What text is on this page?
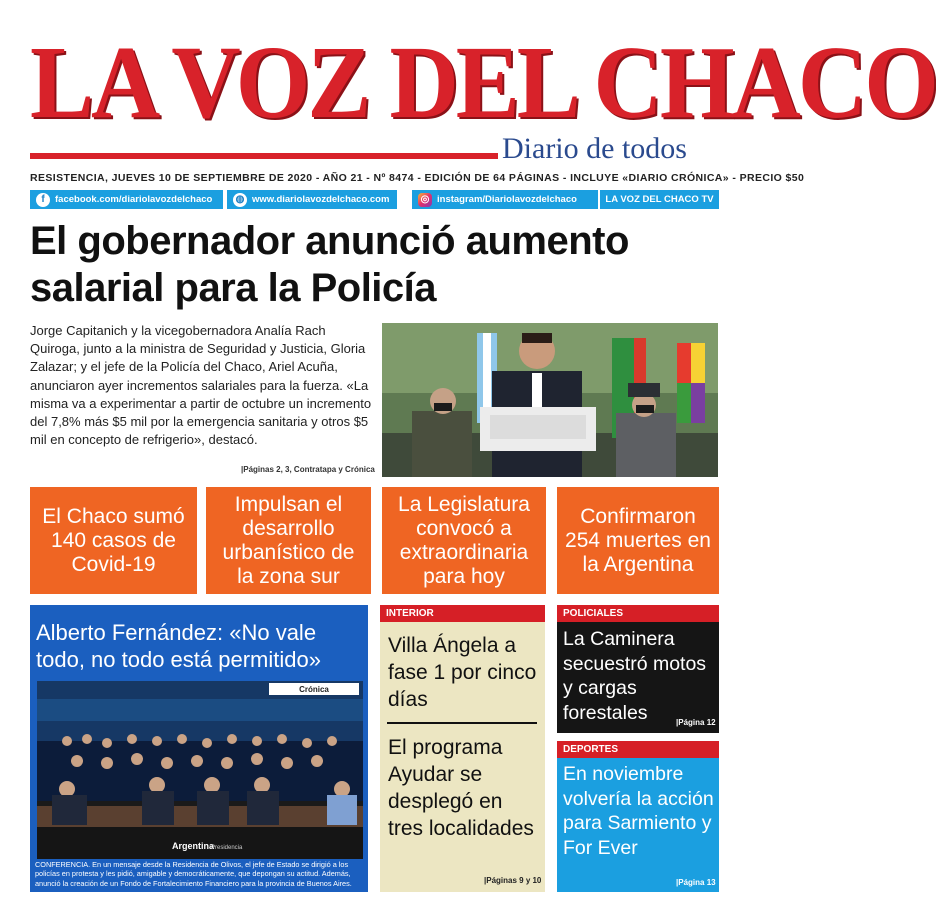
LA VOZ DEL CHACO
Diario de todos
RESISTENCIA, JUEVES 10 DE SEPTIEMBRE DE 2020 - AÑO 21 - Nº 8474 - EDICIÓN DE 64 PÁGINAS - INCLUYE «DIARIO CRÓNICA» - PRECIO $50
f	facebook.com/diariolavozdelchaco ◍ www.diariolavozdelchaco.com	◎ instagram/Diariolavozdelchaco	LA VOZ DEL CHACO TV
El gobernador anunció aumento salarial para la Policía
Jorge Capitanich y la vicegobernadora Analía Rach Quiroga, junto a la ministra de Seguridad y Justicia, Gloria Zalazar; y el jefe de la Policía del Chaco, Ariel Acuña, anunciaron ayer incrementos salariales para la fuerza. «La misma va a experimentar a partir de octubre un incremento del 7,8% más $5 mil por la emergencia sanitaria y otros $5 mil en concepto de refrigerio», destacó.
|Páginas 2, 3, Contratapa y Crónica
El Chaco sumó 140 casos de Covid-19
Impulsan el desarrollo urbanístico de la zona sur
La Legislatura convocó a extraordinaria para hoy
Confirmaron 254 muertes en la Argentina
Alberto Fernández: «No vale todo, no todo está permitido»
Crónica
Argentina
Presidencia
CONFERENCIA. En un mensaje desde la Residencia de Olivos, el jefe de Estado se dirigió a los policías en protesta y les pidió, amigable y democráticamente, que depongan su actitud. Además, anunció la creación de un Fondo de Fortalecimiento Financiero para la provincia de Buenos Aires.
INTERIOR
Villa Ángela a fase 1 por cinco días
El programa Ayudar se desplegó en tres localidades
|Páginas 9 y 10
POLICIALES
La Caminera secuestró motos y cargas forestales	|Página 12
DEPORTES
En noviembre volvería la acción para Sarmiento y For Ever
|Página 13
